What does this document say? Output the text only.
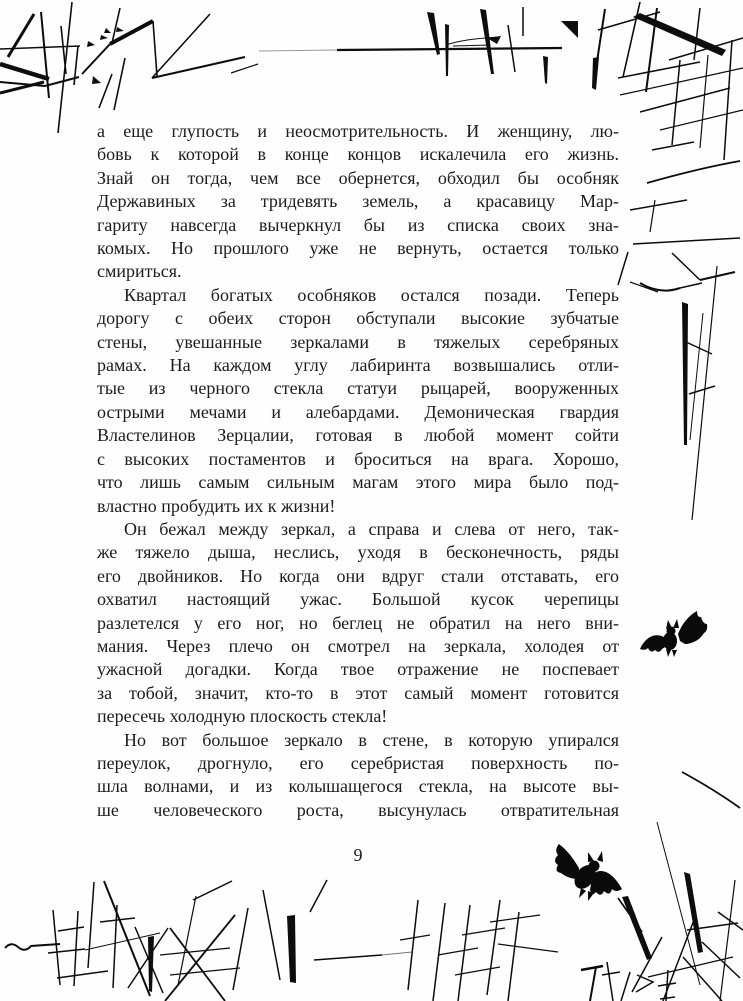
а еще глупость и неосмотрительность. И женщину, лю-
бовь к которой в конце концов искалечила его жизнь.
Знай он тогда, чем все обернется, обходил бы особняк
Державиных за тридевять земель, а красавицу Мар-
гариту навсегда вычеркнул бы из списка своих зна-
комых. Но прошлого уже не вернуть, остается только
смириться.
Квартал богатых особняков остался позади. Теперь
дорогу с обеих сторон обступали высокие зубчатые
стены, увешанные зеркалами в тяжелых серебряных
рамах. На каждом углу лабиринта возвышались отли-
тые из черного стекла статуи рыцарей, вооруженных
острыми мечами и алебардами. Демоническая гвардия
Властелинов Зерцалии, готовая в любой момент сойти
с высоких постаментов и броситься на врага. Хорошо,
что лишь самым сильным магам этого мира было под-
властно пробудить их к жизни!
Он бежал между зеркал, а справа и слева от него, так-
же тяжело дыша, неслись, уходя в бесконечность, ряды
его двойников. Но когда они вдруг стали отставать, его
охватил настоящий ужас. Большой кусок черепицы
разлетелся у его ног, но беглец не обратил на него вни-
мания. Через плечо он смотрел на зеркала, холодея от
ужасной догадки. Когда твое отражение не поспевает
за тобой, значит, кто-то в этот самый момент готовится
пересечь холодную плоскость стекла!
Но вот большое зеркало в стене, в которую упирался
переулок, дрогнуло, его серебристая поверхность по-
шла волнами, и из колышащегося стекла, на высоте вы-
ше человеческого роста, высунулась отвратительная
9
